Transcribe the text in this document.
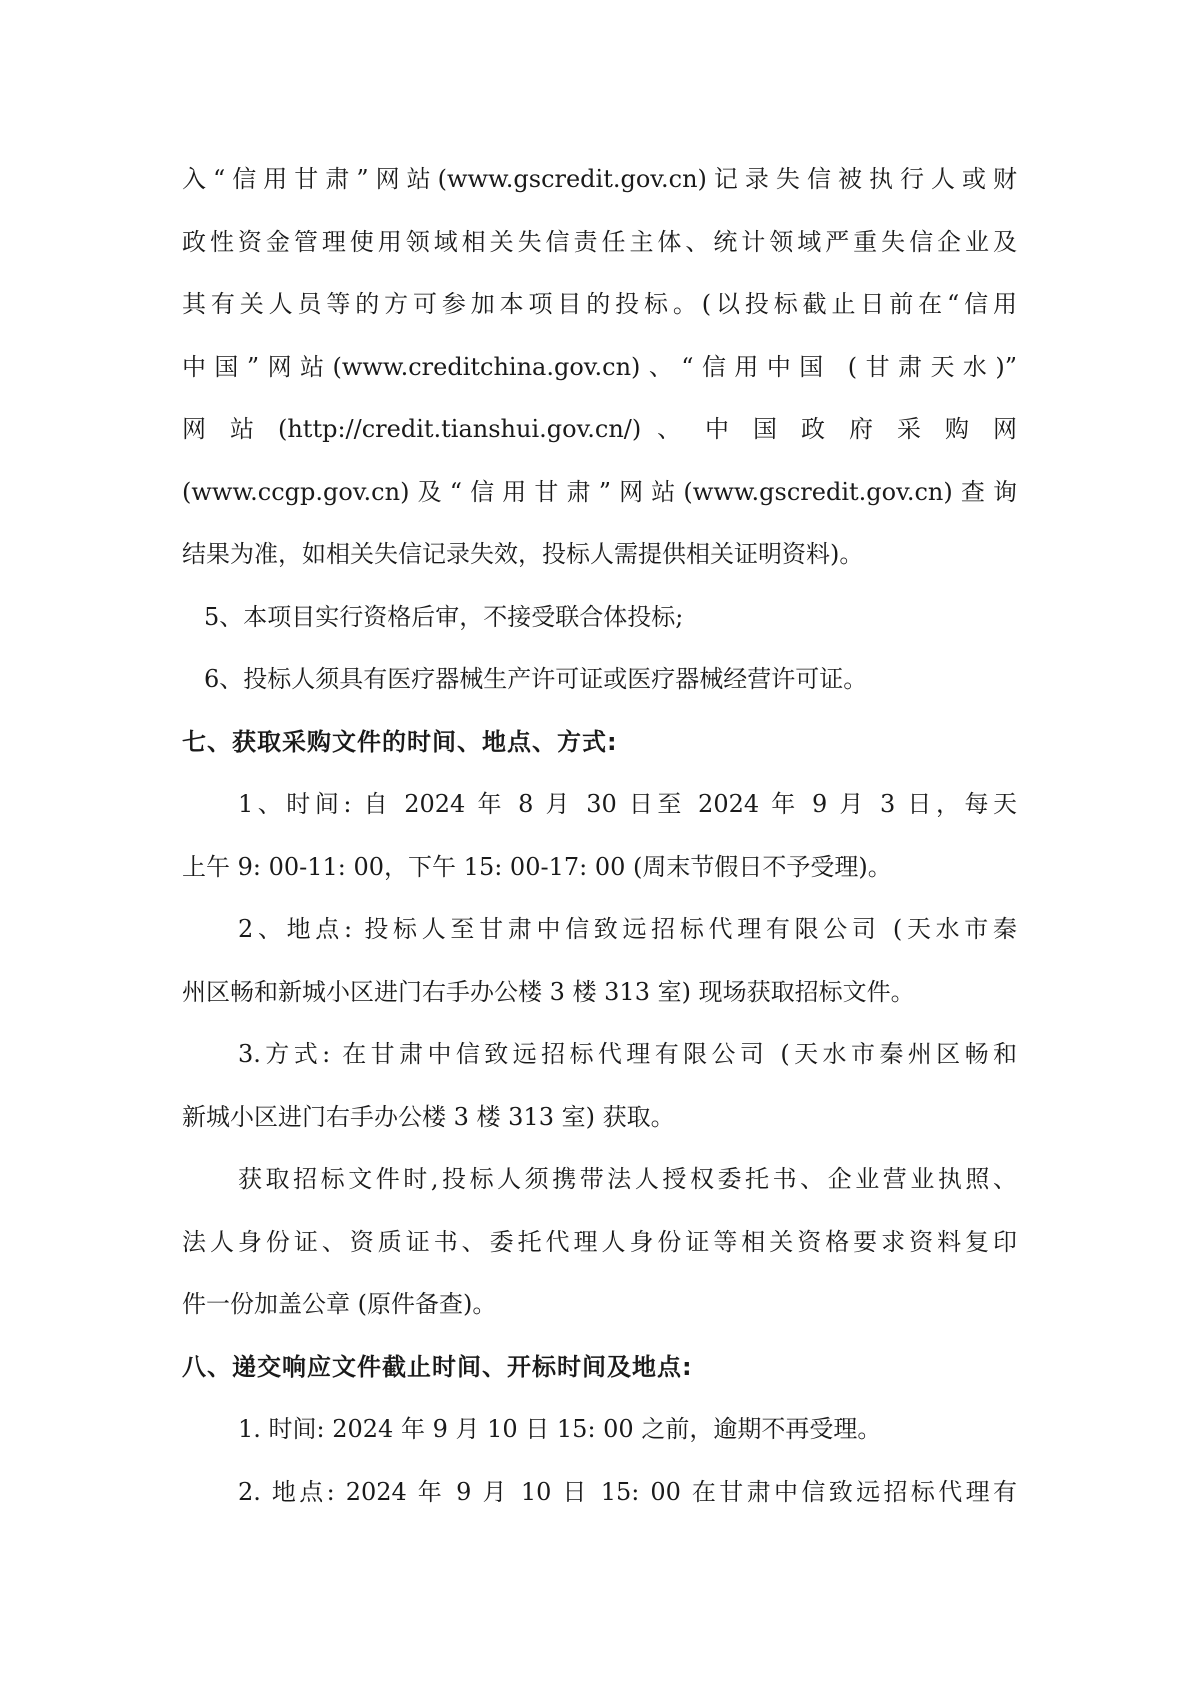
入“信用甘肃”网站(www.gscredit.gov.cn)记录失信被执行人或财

政性资金管理使用领域相关失信责任主体、统计领域严重失信企业及

其有关人员等的方可参加本项目的投标。(以投标截止日前在“信用

中国”网站(www.creditchina.gov.cn)、“信用中国 (甘肃天水)”

网 站 (http://credit.tianshui.gov.cn/) 、 中 国 政 府 采 购 网

(www.ccgp.gov.cn)及“信用甘肃”网站(www.gscredit.gov.cn)查询

结果为准，如相关失信记录失效，投标人需提供相关证明资料)。

5、本项目实行资格后审，不接受联合体投标;

6、投标人须具有医疗器械生产许可证或医疗器械经营许可证。

七、获取采购文件的时间、地点、方式:

1、时间: 自 2024 年 8 月 30 日至 2024 年 9 月 3 日，每天

上午 9: 00-11: 00，下午 15: 00-17: 00 (周末节假日不予受理)。

2、地点: 投标人至甘肃中信致远招标代理有限公司 (天水市秦

州区畅和新城小区进门右手办公楼 3 楼 313 室) 现场获取招标文件。

3.方式: 在甘肃中信致远招标代理有限公司 (天水市秦州区畅和

新城小区进门右手办公楼 3 楼 313 室) 获取。

获取招标文件时,投标人须携带法人授权委托书、企业营业执照、

法人身份证、资质证书、委托代理人身份证等相关资格要求资料复印

件一份加盖公章 (原件备查)。

八、递交响应文件截止时间、开标时间及地点:

1. 时间: 2024 年 9 月 10 日 15: 00 之前，逾期不再受理。

2. 地点: 2024 年 9 月 10 日 15: 00 在甘肃中信致远招标代理有
